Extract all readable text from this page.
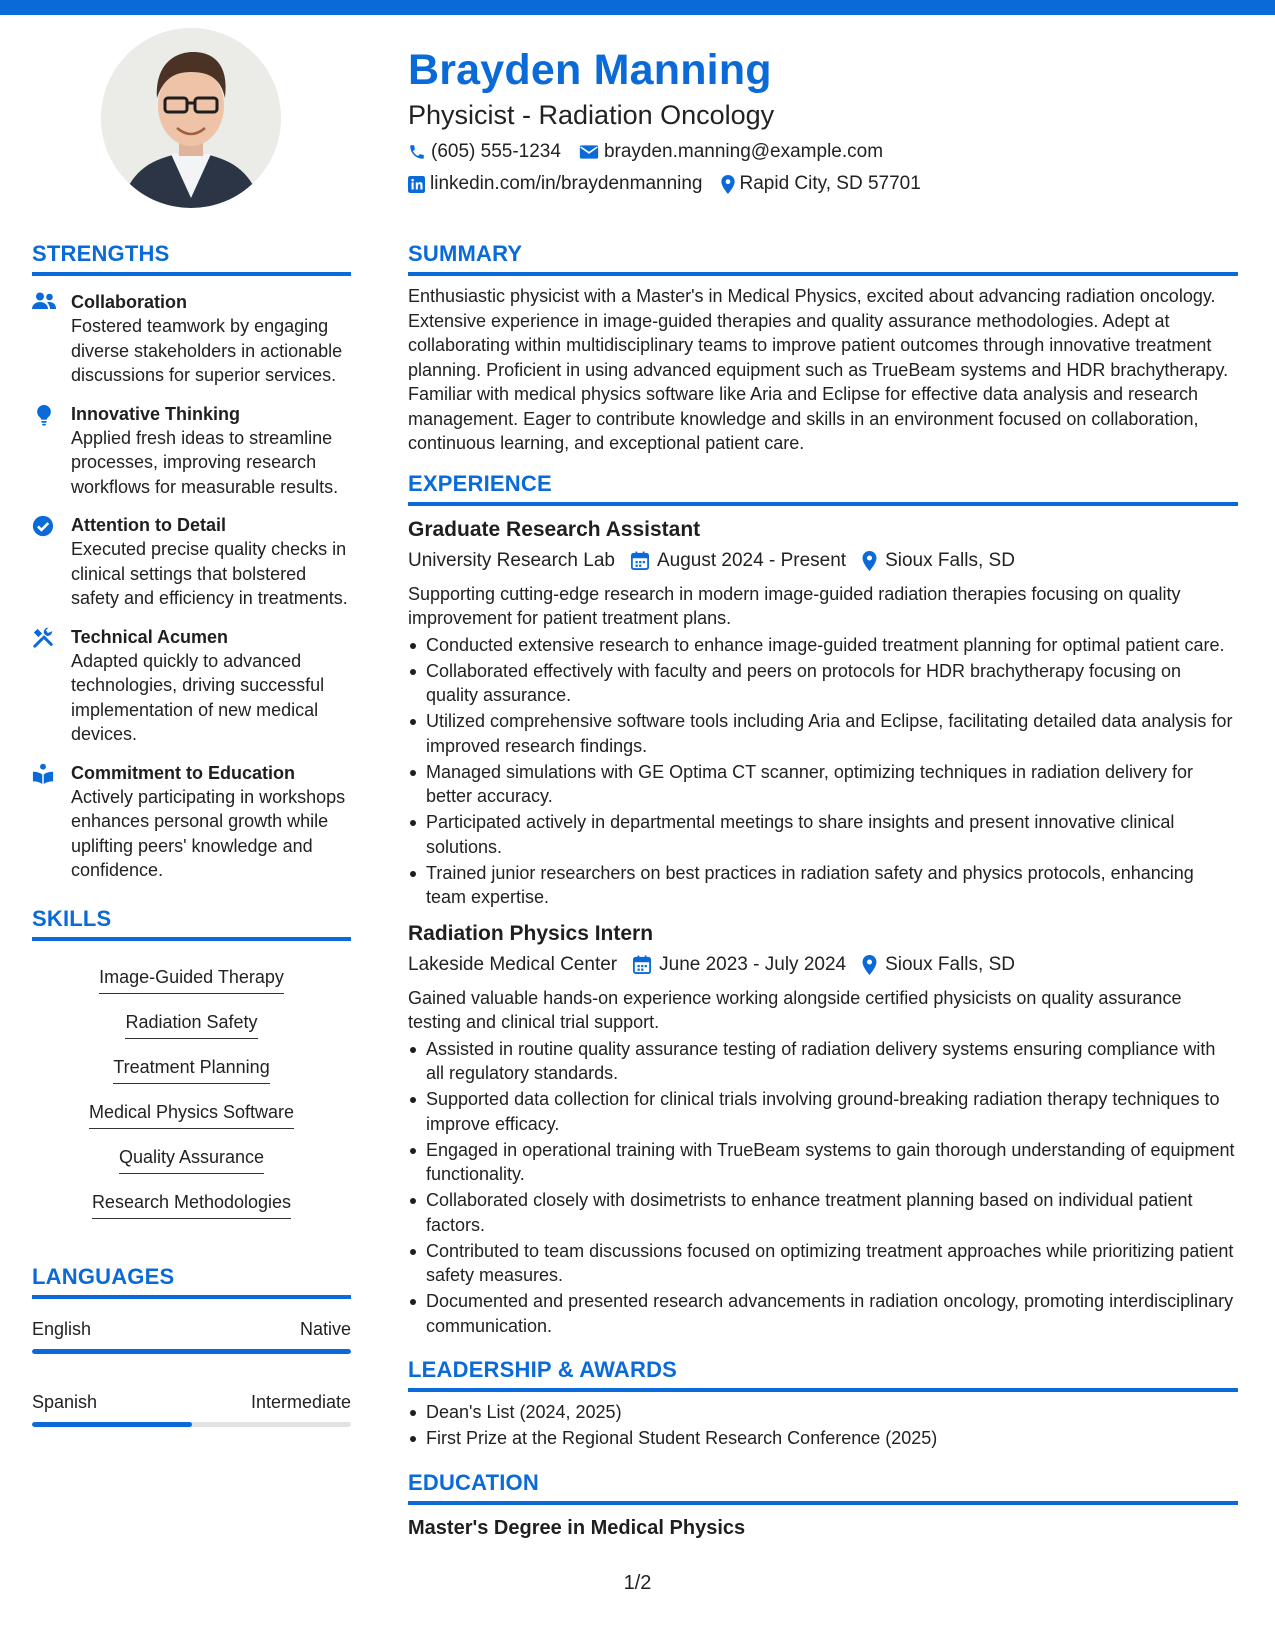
Brayden Manning
Physicist - Radiation Oncology
(605) 555-1234 brayden.manning@example.com
linkedin.com/in/braydenmanning Rapid City, SD 57701
STRENGTHS
Collaboration
Fostered teamwork by engaging diverse stakeholders in actionable discussions for superior services.
Innovative Thinking
Applied fresh ideas to streamline processes, improving research workflows for measurable results.
Attention to Detail
Executed precise quality checks in clinical settings that bolstered safety and efficiency in treatments.
Technical Acumen
Adapted quickly to advanced technologies, driving successful implementation of new medical devices.
Commitment to Education
Actively participating in workshops enhances personal growth while uplifting peers' knowledge and confidence.
SKILLS
Image-Guided Therapy
Radiation Safety
Treatment Planning
Medical Physics Software
Quality Assurance
Research Methodologies
LANGUAGES
English	Native
Spanish	Intermediate
SUMMARY
Enthusiastic physicist with a Master's in Medical Physics, excited about advancing radiation oncology. Extensive experience in image-guided therapies and quality assurance methodologies. Adept at collaborating within multidisciplinary teams to improve patient outcomes through innovative treatment planning. Proficient in using advanced equipment such as TrueBeam systems and HDR brachytherapy. Familiar with medical physics software like Aria and Eclipse for effective data analysis and research management. Eager to contribute knowledge and skills in an environment focused on collaboration, continuous learning, and exceptional patient care.
EXPERIENCE
Graduate Research Assistant
University Research Lab August 2024 - Present Sioux Falls, SD
Supporting cutting-edge research in modern image-guided radiation therapies focusing on quality improvement for patient treatment plans.
Conducted extensive research to enhance image-guided treatment planning for optimal patient care.
Collaborated effectively with faculty and peers on protocols for HDR brachytherapy focusing on quality assurance.
Utilized comprehensive software tools including Aria and Eclipse, facilitating detailed data analysis for improved research findings.
Managed simulations with GE Optima CT scanner, optimizing techniques in radiation delivery for better accuracy.
Participated actively in departmental meetings to share insights and present innovative clinical solutions.
Trained junior researchers on best practices in radiation safety and physics protocols, enhancing team expertise.
Radiation Physics Intern
Lakeside Medical Center June 2023 - July 2024 Sioux Falls, SD
Gained valuable hands-on experience working alongside certified physicists on quality assurance testing and clinical trial support.
Assisted in routine quality assurance testing of radiation delivery systems ensuring compliance with all regulatory standards.
Supported data collection for clinical trials involving ground-breaking radiation therapy techniques to improve efficacy.
Engaged in operational training with TrueBeam systems to gain thorough understanding of equipment functionality.
Collaborated closely with dosimetrists to enhance treatment planning based on individual patient factors.
Contributed to team discussions focused on optimizing treatment approaches while prioritizing patient safety measures.
Documented and presented research advancements in radiation oncology, promoting interdisciplinary communication.
LEADERSHIP & AWARDS
Dean's List (2024, 2025)
First Prize at the Regional Student Research Conference (2025)
EDUCATION
Master's Degree in Medical Physics
1/2
